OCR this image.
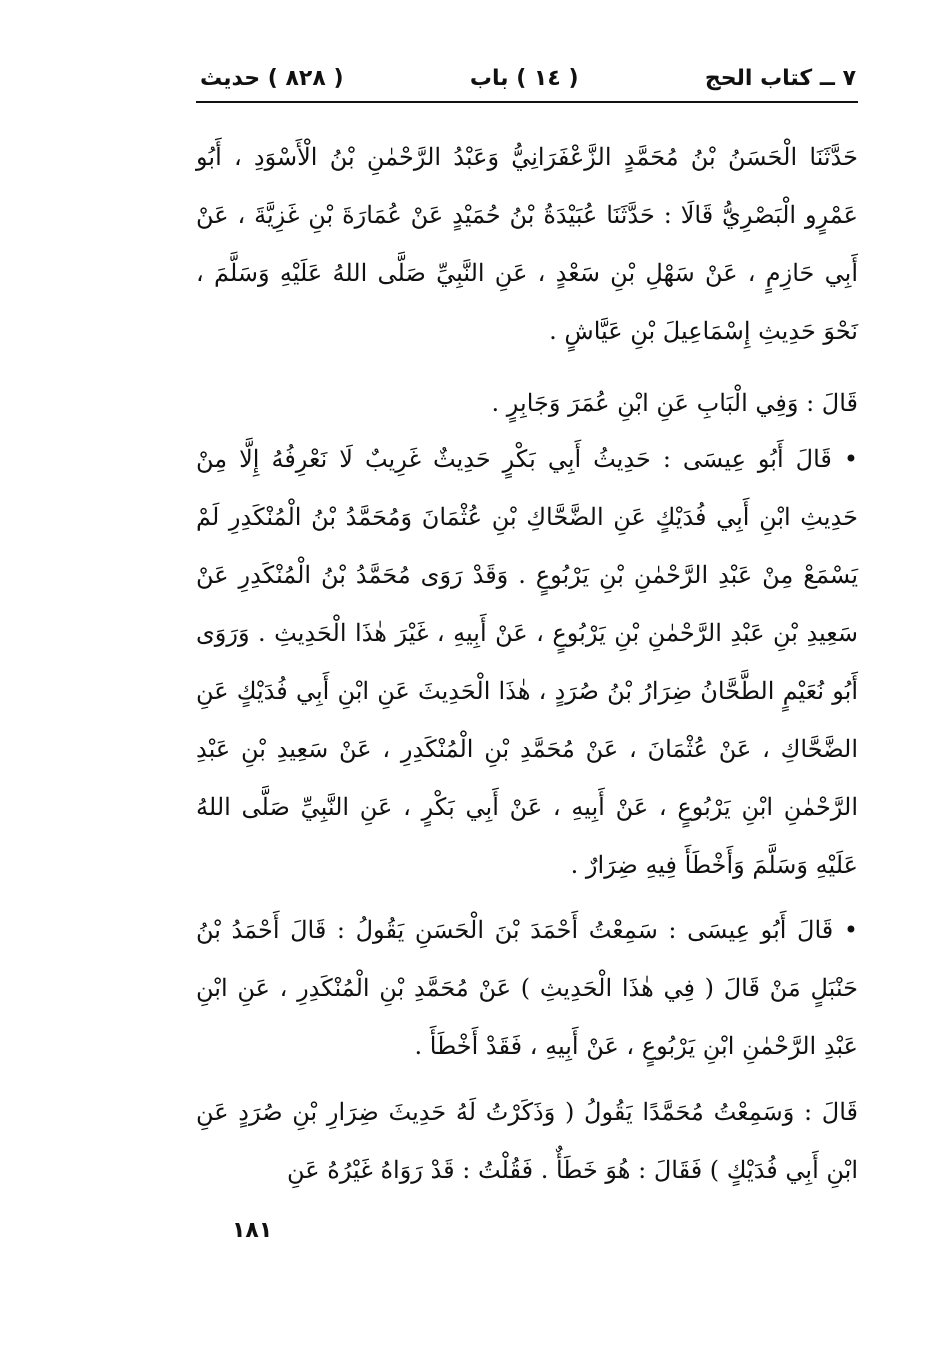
٧ ــ كتاب الحج
( ١٤ ) باب
( ٨٢٨ ) حديث

حَدَّثَنَا الْحَسَنُ بْنُ مُحَمَّدٍ الزَّعْفَرَانِيُّ وَعَبْدُ الرَّحْمٰنِ بْنُ الْأَسْوَدِ ، أَبُو عَمْرٍو الْبَصْرِيُّ قَالَا : حَدَّثَنَا عُبَيْدَةُ بْنُ حُمَيْدٍ عَنْ عُمَارَةَ بْنِ غَزِيَّةَ ، عَنْ أَبِي حَازِمٍ ، عَنْ سَهْلِ بْنِ سَعْدٍ ، عَنِ النَّبِيِّ صَلَّى اللهُ عَلَيْهِ وَسَلَّمَ ، نَحْوَ حَدِيثِ إِسْمَاعِيلَ بْنِ عَيَّاشٍ .

قَالَ : وَفِي الْبَابِ عَنِ ابْنِ عُمَرَ وَجَابِرٍ .

• قَالَ أَبُو عِيسَى : حَدِيثُ أَبِي بَكْرٍ حَدِيثٌ غَرِيبٌ لَا نَعْرِفُهُ إِلَّا مِنْ حَدِيثِ ابْنِ أَبِي فُدَيْكٍ عَنِ الضَّحَّاكِ بْنِ عُثْمَانَ وَمُحَمَّدُ بْنُ الْمُنْكَدِرِ لَمْ يَسْمَعْ مِنْ عَبْدِ الرَّحْمٰنِ بْنِ يَرْبُوعٍ . وَقَدْ رَوَى مُحَمَّدُ بْنُ الْمُنْكَدِرِ عَنْ سَعِيدِ بْنِ عَبْدِ الرَّحْمٰنِ بْنِ يَرْبُوعٍ ، عَنْ أَبِيهِ ، غَيْرَ هٰذَا الْحَدِيثِ . وَرَوَى أَبُو نُعَيْمٍ الطَّحَّانُ ضِرَارُ بْنُ صُرَدٍ ، هٰذَا الْحَدِيثَ عَنِ ابْنِ أَبِي فُدَيْكٍ عَنِ الضَّحَّاكِ ، عَنْ عُثْمَانَ ، عَنْ مُحَمَّدِ بْنِ الْمُنْكَدِرِ ، عَنْ سَعِيدِ بْنِ عَبْدِ الرَّحْمٰنِ ابْنِ يَرْبُوعٍ ، عَنْ أَبِيهِ ، عَنْ أَبِي بَكْرٍ ، عَنِ النَّبِيِّ صَلَّى اللهُ عَلَيْهِ وَسَلَّمَ وَأَخْطَأَ فِيهِ ضِرَارٌ .

• قَالَ أَبُو عِيسَى : سَمِعْتُ أَحْمَدَ بْنَ الْحَسَنِ يَقُولُ : قَالَ أَحْمَدُ بْنُ حَنْبَلٍ مَنْ قَالَ ( فِي هٰذَا الْحَدِيثِ ) عَنْ مُحَمَّدِ بْنِ الْمُنْكَدِرِ ، عَنِ ابْنِ عَبْدِ الرَّحْمٰنِ ابْنِ يَرْبُوعٍ ، عَنْ أَبِيهِ ، فَقَدْ أَخْطَأَ .

قَالَ : وَسَمِعْتُ مُحَمَّدًا يَقُولُ ( وَذَكَرْتُ لَهُ حَدِيثَ ضِرَارِ بْنِ صُرَدٍ عَنِ ابْنِ أَبِي فُدَيْكٍ ) فَقَالَ : هُوَ خَطَأٌ . فَقُلْتُ : قَدْ رَوَاهُ غَيْرُهُ عَنِ

١٨١
